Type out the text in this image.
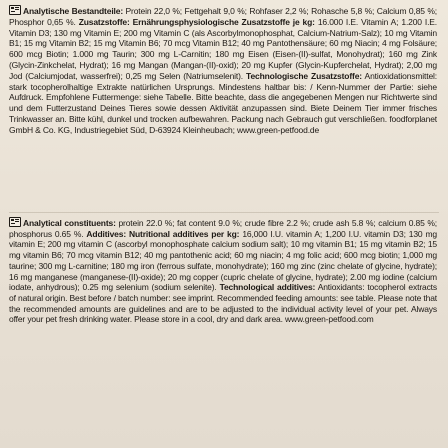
Analytische Bestandteile: Protein 22,0 %; Fettgehalt 9,0 %; Rohfaser 2,2 %; Rohasche 5,8 %; Calcium 0,85 %; Phosphor 0,65 %. Zusatzstoffe: Ernährungsphysiologische Zusatzstoffe je kg: 16.000 I.E. Vitamin A; 1.200 I.E. Vitamin D3; 130 mg Vitamin E; 200 mg Vitamin C (als Ascorbylmonophosphat, Calcium-Natrium-Salz); 10 mg Vitamin B1; 15 mg Vitamin B2; 15 mg Vitamin B6; 70 mcg Vitamin B12; 40 mg Pantothensäure; 60 mg Niacin; 4 mg Folsäure; 600 mcg Biotin; 1.000 mg Taurin; 300 mg L-Carnitin; 180 mg Eisen (Eisen-(II)-sulfat, Monohydrat); 160 mg Zink (Glycin-Zinkchelat, Hydrat); 16 mg Mangan (Mangan-(II)-oxid); 20 mg Kupfer (Glycin-Kupferchelat, Hydrat); 2,00 mg Jod (Calciumjodat, wasserfrei); 0,25 mg Selen (Natriumselenit). Technologische Zusatzstoffe: Antioxidationsmittel: stark tocopherolhaltige Extrakte natürlichen Ursprungs. Mindestens haltbar bis: / Kenn-Nummer der Partie: siehe Aufdruck. Empfohlene Futtermenge: siehe Tabelle. Bitte beachte, dass die angegebenen Mengen nur Richtwerte sind und dem Futterzustand Deines Tieres sowie dessen Aktivität anzupassen sind. Biete Deinem Tier immer frisches Trinkwasser an. Bitte kühl, dunkel und trocken aufbewahren. Packung nach Gebrauch gut verschließen. foodforplanet GmbH & Co. KG, Industriegebiet Süd, D-63924 Kleinheubach; www.green-petfood.de
Analytical constituents: protein 22.0 %; fat content 9.0 %; crude fibre 2.2 %; crude ash 5.8 %; calcium 0.85 %; phosphorus 0.65 %. Additives: Nutritional additives per kg: 16,000 I.U. vitamin A; 1,200 I.U. vitamin D3; 130 mg vitamin E; 200 mg vitamin C (ascorbyl monophosphate calcium sodium salt); 10 mg vitamin B1; 15 mg vitamin B2; 15 mg vitamin B6; 70 mcg vitamin B12; 40 mg pantothenic acid; 60 mg niacin; 4 mg folic acid; 600 mcg biotin; 1,000 mg taurine; 300 mg L-carnitine; 180 mg iron (ferrous sulfate, monohydrate); 160 mg zinc (zinc chelate of glycine, hydrate); 16 mg manganese (manganese-(II)-oxide); 20 mg copper (cupric chelate of glycine, hydrate); 2.00 mg iodine (calcium iodate, anhydrous); 0.25 mg selenium (sodium selenite). Technological additives: Antioxidants: tocopherol extracts of natural origin. Best before / batch number: see imprint. Recommended feeding amounts: see table. Please note that the recommended amounts are guidelines and are to be adjusted to the individual activity level of your pet. Always offer your pet fresh drinking water. Please store in a cool, dry and dark area. www.green-petfood.com
